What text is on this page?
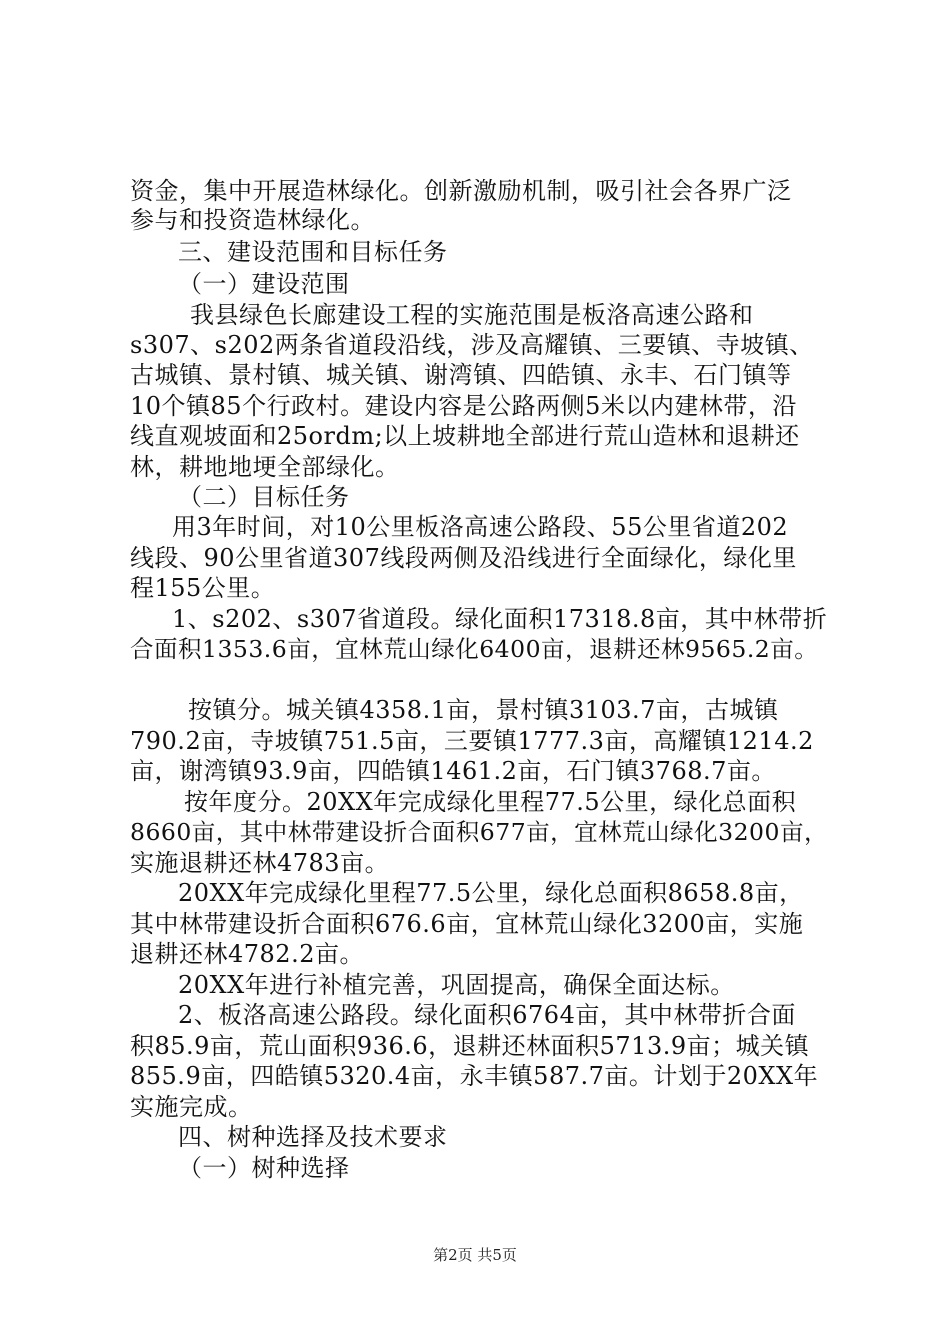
资金，集中开展造林绿化。创新激励机制，吸引社会各界广泛
参与和投资造林绿化。
三、建设范围和目标任务
（一）建设范围
我县绿色长廊建设工程的实施范围是板洛高速公路和
s307、s202两条省道段沿线，涉及高耀镇、三要镇、寺坡镇、
古城镇、景村镇、城关镇、谢湾镇、四皓镇、永丰、石门镇等
10个镇85个行政村。建设内容是公路两侧5米以内建林带，沿
线直观坡面和25ordm;以上坡耕地全部进行荒山造林和退耕还
林，耕地地埂全部绿化。
（二）目标任务
用3年时间，对10公里板洛高速公路段、55公里省道202
线段、90公里省道307线段两侧及沿线进行全面绿化，绿化里
程155公里。
1、s202、s307省道段。绿化面积17318.8亩，其中林带折
合面积1353.6亩，宜林荒山绿化6400亩，退耕还林9565.2亩。
按镇分。城关镇4358.1亩，景村镇3103.7亩，古城镇
790.2亩，寺坡镇751.5亩，三要镇1777.3亩，高耀镇1214.2
亩，谢湾镇93.9亩，四皓镇1461.2亩，石门镇3768.7亩。
按年度分。20XX年完成绿化里程77.5公里，绿化总面积
8660亩，其中林带建设折合面积677亩，宜林荒山绿化3200亩，
实施退耕还林4783亩。
20XX年完成绿化里程77.5公里，绿化总面积8658.8亩，
其中林带建设折合面积676.6亩，宜林荒山绿化3200亩，实施
退耕还林4782.2亩。
20XX年进行补植完善，巩固提高，确保全面达标。
2、板洛高速公路段。绿化面积6764亩，其中林带折合面
积85.9亩，荒山面积936.6，退耕还林面积5713.9亩；城关镇
855.9亩，四皓镇5320.4亩，永丰镇587.7亩。计划于20XX年
实施完成。
四、树种选择及技术要求
（一）树种选择
第2页 共5页
